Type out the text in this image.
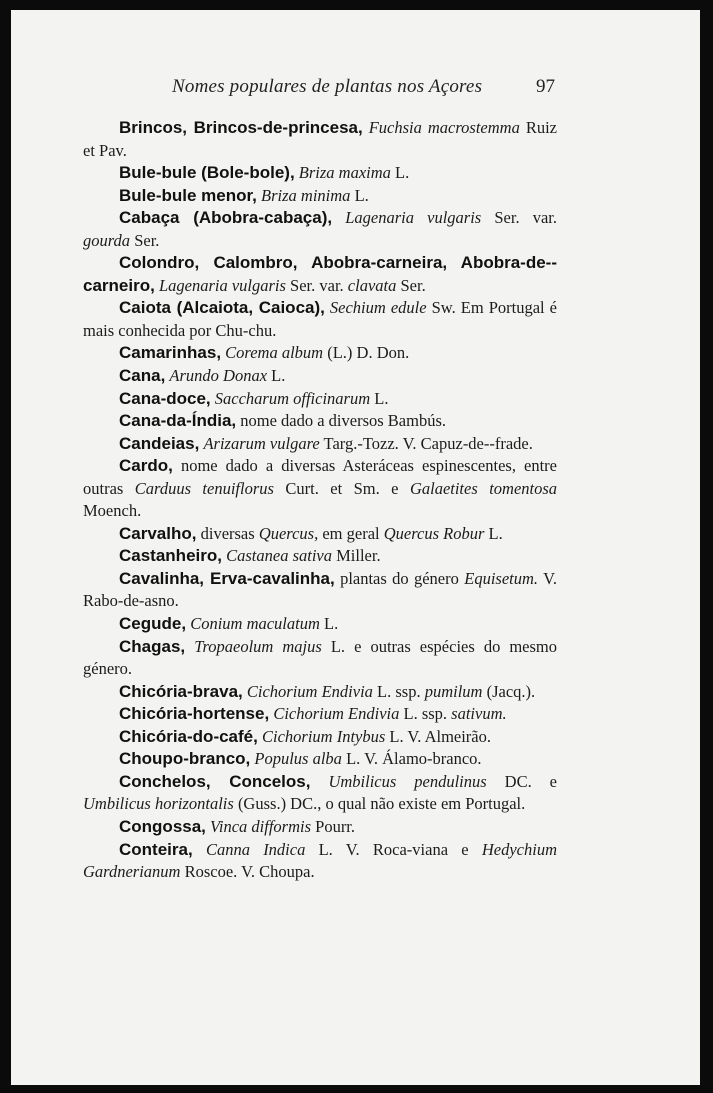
Nomes populares de plantas nos Açores	97

Brincos, Brincos-de-princesa, Fuchsia macrostemma Ruiz et Pav.

Bule-bule (Bole-bole), Briza maxima L.

Bule-bule menor, Briza minima L.

Cabaça (Abobra-cabaça), Lagenaria vulgaris Ser. var. gourda Ser.

Colondro, Calombro, Abobra-carneira, Abobra-de--carneiro, Lagenaria vulgaris Ser. var. clavata Ser.

Caiota (Alcaiota, Caioca), Sechium edule Sw. Em Portugal é mais conhecida por Chu-chu.

Camarinhas, Corema album (L.) D. Don.

Cana, Arundo Donax L.

Cana-doce, Saccharum officinarum L.

Cana-da-Índia, nome dado a diversos Bambús.

Candeias, Arizarum vulgare Targ.-Tozz. V. Capuz-de--frade.

Cardo, nome dado a diversas Asteráceas espinescentes, entre outras Carduus tenuiflorus Curt. et Sm. e Galaetites tomentosa Moench.

Carvalho, diversas Quercus, em geral Quercus Robur L.

Castanheiro, Castanea sativa Miller.

Cavalinha, Erva-cavalinha, plantas do género Equisetum. V. Rabo-de-asno.

Cegude, Conium maculatum L.

Chagas, Tropaeolum majus L. e outras espécies do mesmo género.

Chicória-brava, Cichorium Endivia L. ssp. pumilum (Jacq.).

Chicória-hortense, Cichorium Endivia L. ssp. sativum.

Chicória-do-café, Cichorium Intybus L. V. Almeirão.

Choupo-branco, Populus alba L. V. Álamo-branco.

Conchelos, Concelos, Umbilicus pendulinus DC. e Umbilicus horizontalis (Guss.) DC., o qual não existe em Portugal.

Congossa, Vinca difformis Pourr.

Conteira, Canna Indica L. V. Roca-viana e Hedychium Gardnerianum Roscoe. V. Choupa.
